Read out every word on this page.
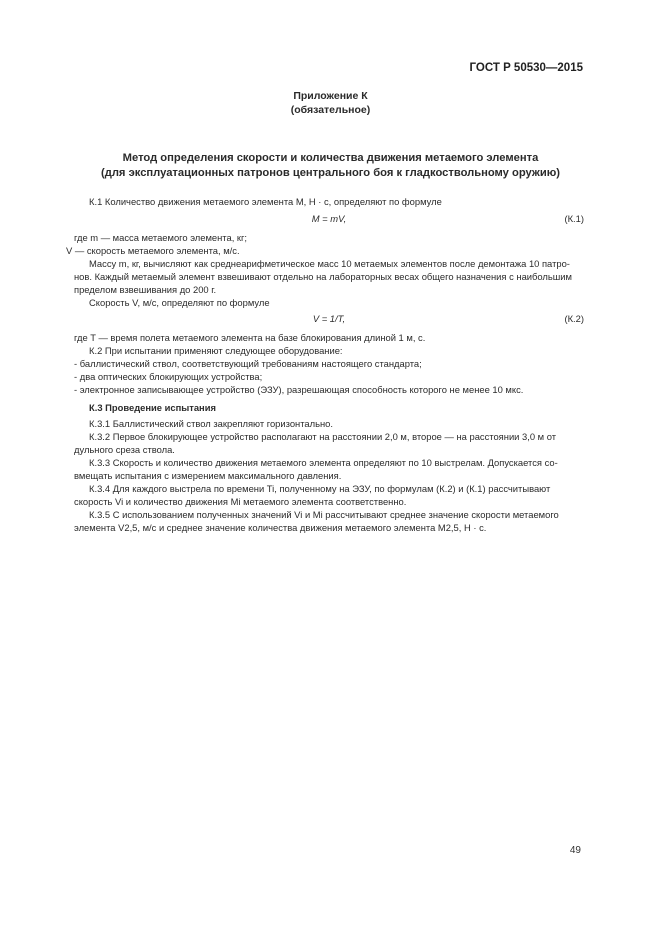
ГОСТ Р 50530—2015
Приложение К
(обязательное)
Метод определения скорости и количества движения метаемого элемента
(для эксплуатационных патронов центрального боя к гладкоствольному оружию)
К.1 Количество движения метаемого элемента M, H · c, определяют по формуле
M = mV,	(К.1)
где m — масса метаемого элемента, кг;
V — скорость метаемого элемента, м/с.
Массу m, кг, вычисляют как среднеарифметическое масс 10 метаемых элементов после демонтажа 10 патро-
нов. Каждый метаемый элемент взвешивают отдельно на лабораторных весах общего назначения с наибольшим
пределом взвешивания до 200 г.
Скорость V, м/с, определяют по формуле
V = 1/T,	(К.2)
где T — время полета метаемого элемента на базе блокирования длиной 1 м, с.
К.2 При испытании применяют следующее оборудование:
- баллистический ствол, соответствующий требованиям настоящего стандарта;
- два оптических блокирующих устройства;
- электронное записывающее устройство (ЭЗУ), разрешающая способность которого не менее 10 мкс.
К.3 Проведение испытания
К.3.1 Баллистический ствол закрепляют горизонтально.
К.3.2 Первое блокирующее устройство располагают на расстоянии 2,0 м, второе — на расстоянии 3,0 м от
дульного среза ствола.
К.3.3 Скорость и количество движения метаемого элемента определяют по 10 выстрелам. Допускается со-
вмещать испытания с измерением максимального давления.
К.3.4 Для каждого выстрела по времени Ti, полученному на ЭЗУ, по формулам (К.2) и (К.1) рассчитывают
скорость Vi и количество движения Mi метаемого элемента соответственно.
К.3.5 С использованием полученных значений Vi и Mi рассчитывают среднее значение скорости метаемого
элемента V2,5, м/с и среднее значение количества движения метаемого элемента M2,5, H · c.
49
